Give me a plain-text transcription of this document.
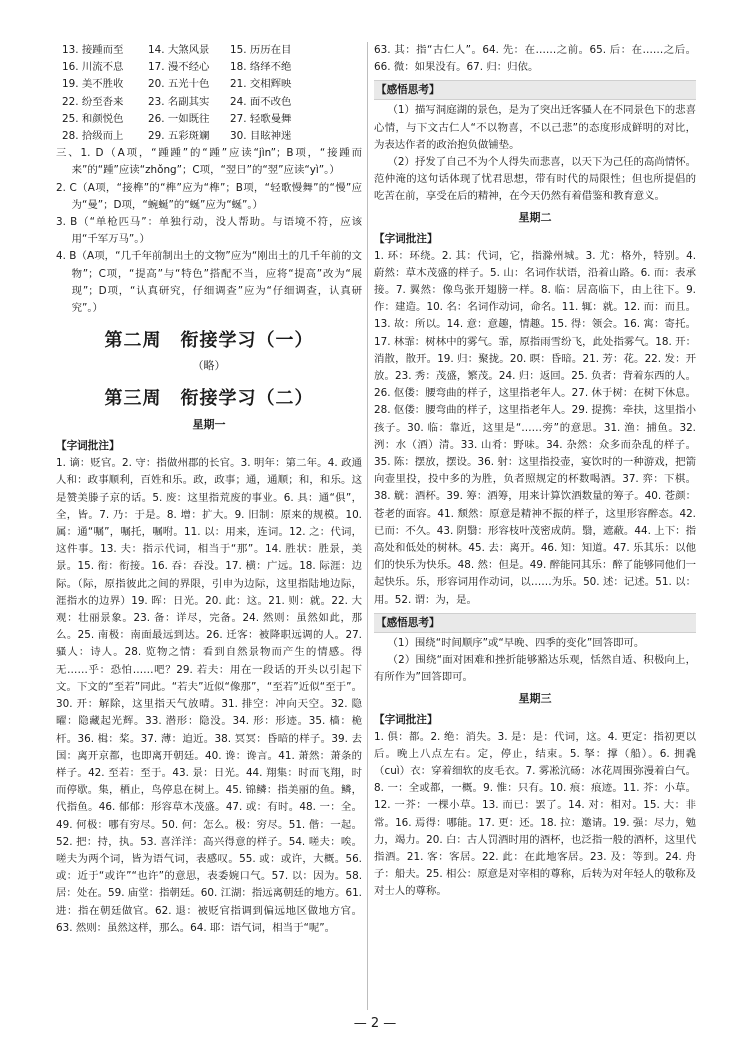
13. 接踵而至	14. 大煞风景	15. 历历在目
16. 川流不息	17. 漫不经心	18. 络绎不绝
19. 美不胜收	20. 五光十色	21. 交相辉映
22. 纷至沓来	23. 名副其实	24. 面不改色
25. 和颜悦色	26. 一如既往	27. 轻歌曼舞
28. 拾级而上	29. 五彩斑斓	30. 目眩神迷

三、1. D（A项，“踵踵”的“踵”应读“jìn”；B项，“接踵而来”的“踵”应读“zhǒng”；C项，“翌日”的“翌”应读“yì”。）

2. C（A项，“接榫”的“榫”应为“榫”；B项，“轻歌慢舞”的“慢”应为“曼”；D项，“蜿蜒”的“蜒”应为“蜒”。）

3. B（“单枪匹马”：单独行动，没人帮助。与语境不符，应该用“千军万马”。）

4. B（A项，“几千年前制出土的文物”应为“刚出土的几千年前的文物”；C项，“提高”与“特色”搭配不当，应将“提高”改为“展现”；D项，“认真研究，仔细调查”应为“仔细调查，认真研究”。）

第二周　衔接学习（一）
（略）
第三周　衔接学习（二）
星期一
【字词批注】

1. 谪：贬官。2. 守：指做州郡的长官。3. 明年：第二年。4. 政通人和：政事顺利，百姓和乐。政，政事；通，通顺；和，和乐。这是赞美滕子京的话。5. 废：这里指荒废的事业。6. 具：通“俱”，全，皆。7. 乃：于是。8. 增：扩大。9. 旧制：原来的规模。10. 属：通“嘱”，嘱托，嘱咐。11. 以：用来，连词。12. 之：代词，这件事。13. 夫：指示代词，相当于“那”。14. 胜状：胜景，美景。15. 衔：衔接。16. 吞：吞没。17. 横：广远。18. 际涯：边际。（际，原指彼此之间的界限，引申为边际，这里指陆地边际，涯指水的边界）19. 晖：日光。20. 此：这。21. 则：就。22. 大观：壮丽景象。23. 备：详尽，完备。24. 然则：虽然如此，那么。25. 南极：南面最远到达。26. 迁客：被降职远调的人。27. 骚人：诗人。28. 览物之情：看到自然景物而产生的情感。得无……乎：恐怕……吧？29. 若夫：用在一段话的开头以引起下文。下文的“至若”同此。“若夫”近似“像那”，“至若”近似“至于”。30. 开：解除，这里指天气放晴。31. 排空：冲向天空。32. 隐曜：隐藏起光辉。33. 潜形：隐没。34. 形：形迹。35. 樯：桅杆。36. 楫：桨。37. 薄：迫近。38. 冥冥：昏暗的样子。39. 去国：离开京都，也即离开朝廷。40. 谗：谗言。41. 萧然：萧条的样子。42. 至若：至于。43. 景：日光。44. 翔集：时而飞翔，时而停歇。集，栖止，鸟停息在树上。45. 锦鳞：指美丽的鱼。鳞，代指鱼。46. 郁郁：形容草木茂盛。47. 或：有时。48. 一：全。49. 何极：哪有穷尽。50. 何：怎么。极：穷尽。51. 偕：一起。52. 把：持，执。53. 喜洋洋：高兴得意的样子。54. 嗟夫：唉。嗟夫为两个词，皆为语气词，表感叹。55. 或：或许，大概。56. 或：近于“或许”“也许”的意思，表委婉口气。57. 以：因为。58. 居：处在。59. 庙堂：指朝廷。60. 江湖：指远离朝廷的地方。61. 进：指在朝廷做官。62. 退：被贬官指调到偏远地区做地方官。63. 然则：虽然这样，那么。64. 耶：语气词，相当于“呢”。

63. 其：指“古仁人”。64. 先：在……之前。65. 后：在……之后。66. 微：如果没有。67. 归：归依。

【感悟思考】

（1）描写洞庭湖的景色，是为了突出迁客骚人在不同景色下的悲喜心情，与下文古仁人“不以物喜，不以己悲”的态度形成鲜明的对比，为表达作者的政治抱负做铺垫。

（2）抒发了自己不为个人得失而悲喜，以天下为己任的高尚情怀。范仲淹的这句话体现了忧君思想，带有时代的局限性；但也所提倡的吃苦在前，享受在后的精神，在今天仍然有着借鉴和教育意义。

星期二
【字词批注】

1. 环：环绕。2. 其：代词，它，指滁州城。3. 尤：格外，特别。4. 蔚然：草木茂盛的样子。5. 山：名词作状语，沿着山路。6. 而：表承接。7. 翼然：像鸟张开翅膀一样。8. 临：居高临下，由上往下。9. 作：建造。10. 名：名词作动词，命名。11. 辄：就。12. 而：而且。13. 故：所以。14. 意：意趣，情趣。15. 得：领会。16. 寓：寄托。17. 林霏：树林中的雾气。霏，原指雨雪纷飞，此处指雾气。18. 开：消散，散开。19. 归：聚拢。20. 暝：昏暗。21. 芳：花。22. 发：开放。23. 秀：茂盛，繁茂。24. 归：返回。25. 负者：背着东西的人。26. 伛偻：腰弯曲的样子，这里指老年人。27. 休于树：在树下休息。28. 伛偻：腰弯曲的样子，这里指老年人。29. 提携：牵扶，这里指小孩子。30. 临：靠近，这里是“……旁”的意思。31. 渔：捕鱼。32. 洌：水（酒）清。33. 山肴：野味。34. 杂然：众多而杂乱的样子。35. 陈：摆放，摆设。36. 射：这里指投壶，宴饮时的一种游戏，把箭向壶里投，投中多的为胜，负者照规定的杯数喝酒。37. 弈：下棋。38. 觥：酒杯。39. 筹：酒筹，用来计算饮酒数量的筹子。40. 苍颜：苍老的面容。41. 颓然：原意是精神不振的样子，这里形容醉态。42. 已而：不久。43. 阴翳：形容枝叶茂密成荫。翳，遮蔽。44. 上下：指高处和低处的树林。45. 去：离开。46. 知：知道。47. 乐其乐：以他们的快乐为快乐。48. 然：但是。49. 醉能同其乐：醉了能够同他们一起快乐。乐，形容词用作动词，以……为乐。50. 述：记述。51. 以：用。52. 谓：为，是。

【感悟思考】

（1）围绕“时间顺序”或“早晚、四季的变化”回答即可。

（2）围绕“面对困难和挫折能够豁达乐观，恬然自适、积极向上，有所作为”回答即可。

星期三
【字词批注】

1. 俱：都。2. 绝：消失。3. 是：是：代词，这。4. 更定：指初更以后。晚上八点左右。定，停止，结束。5. 拏：撑（船）。6. 拥毳（cuì）衣：穿着细软的皮毛衣。7. 雾凇沆砀：冰花周围弥漫着白气。8. 一：全或都，一概。9. 惟：只有。10. 痕：痕迹。11. 芥：小草。12. 一芥：一棵小草。13. 而已：罢了。14. 对：相对。15. 大：非常。16. 焉得：哪能。17. 更：还。18. 拉：邀请。19. 强：尽力，勉力，竭力。20. 白：古人罚酒时用的酒杯，也泛指一般的酒杯，这里代指酒。21. 客：客居。22. 此：在此地客居。23. 及：等到。24. 舟子：船夫。25. 相公：原意是对宰相的尊称，后转为对年轻人的敬称及对士人的尊称。

— 2 —
